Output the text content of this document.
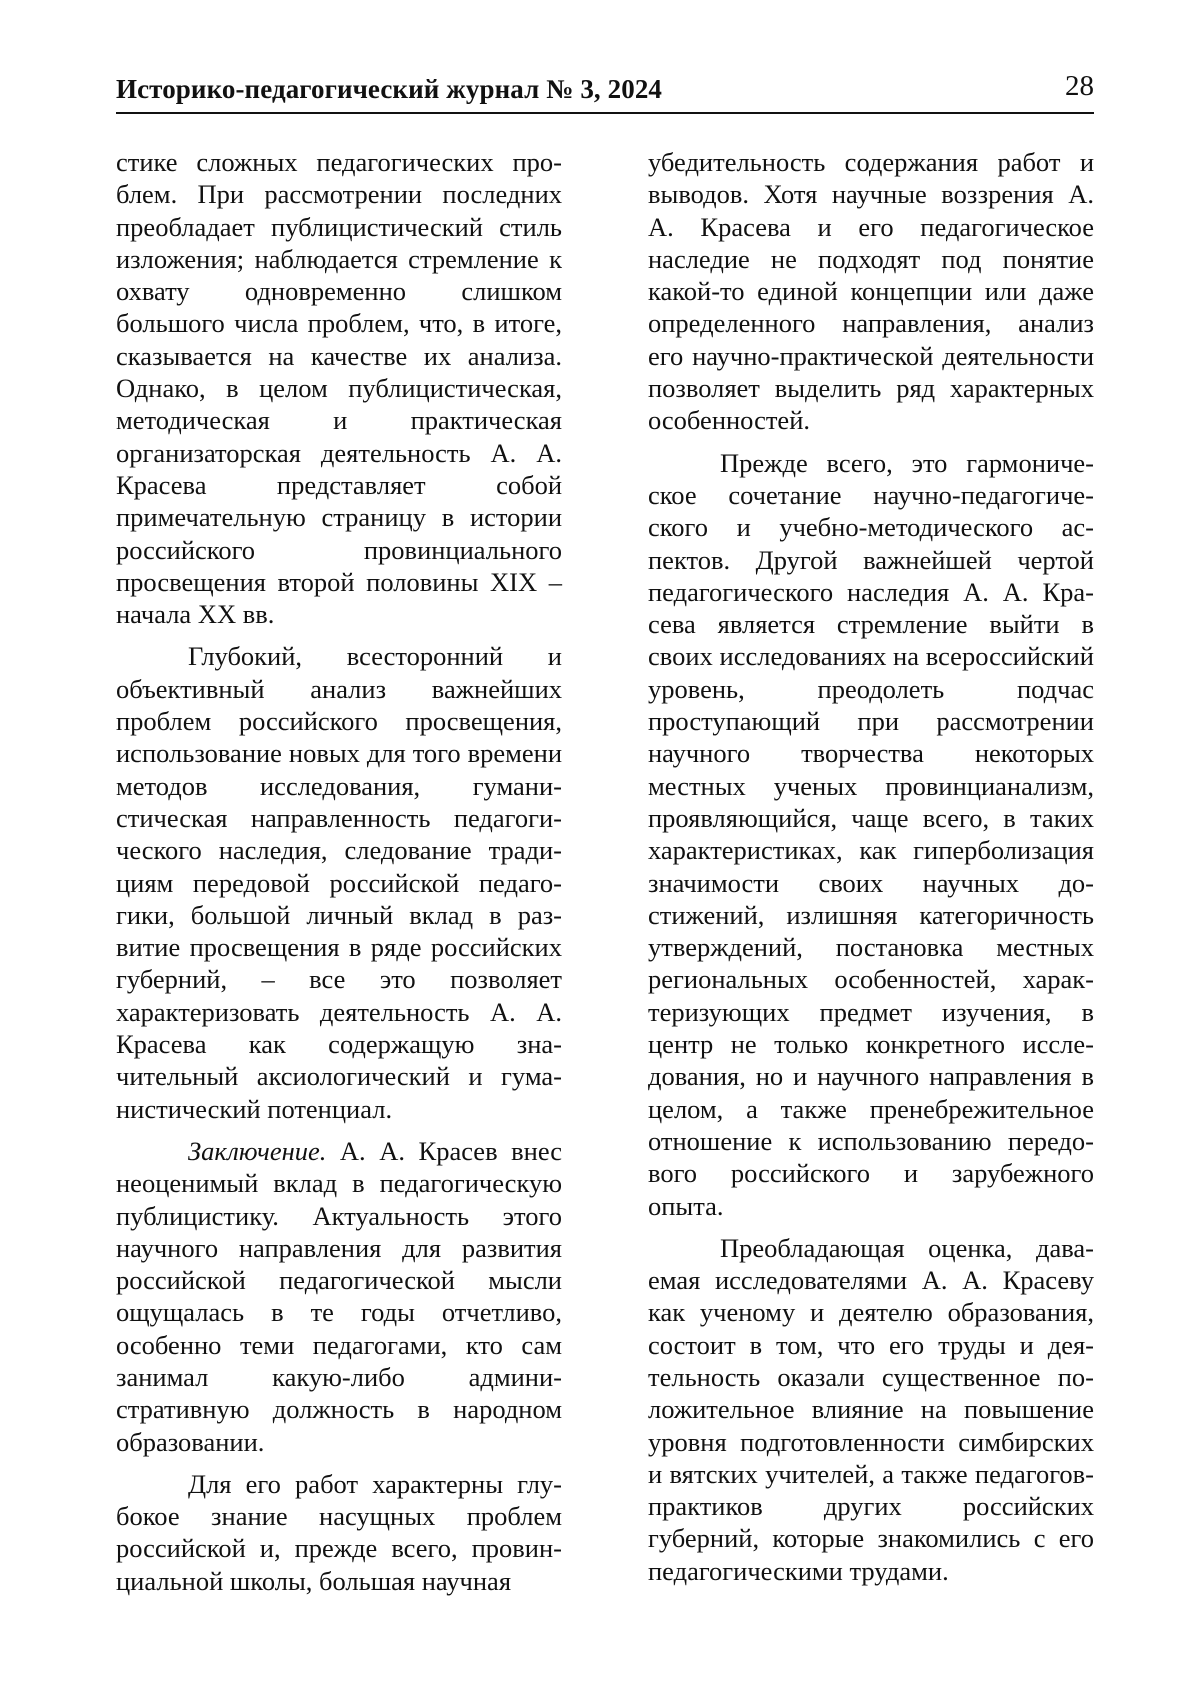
Историко-педагогический журнал № 3, 2024	28

стике сложных педагогических проблем. При рассмотрении последних преобладает публицистический стиль изложения; наблюдается стремление к охвату одновременно слишком большого числа проблем, что, в итоге, сказывается на качестве их анализа. Однако, в целом публицистическая, методическая и практическая организаторская деятельность А. А. Красева представляет собой примечательную страницу в истории российского провинциального просвещения второй половины XIX – начала XX вв.

Глубокий, всесторонний и объективный анализ важнейших проблем российского просвещения, использование новых для того времени методов исследования, гуманистическая направленность педагогического наследия, следование традициям передовой российской педагогики, большой личный вклад в развитие просвещения в ряде российских губерний, – все это позволяет характеризовать деятельность А. А. Красева как содержащую значительный аксиологический и гуманистический потенциал.

Заключение. А. А. Красев внес неоценимый вклад в педагогическую публицистику. Актуальность этого научного направления для развития российской педагогической мысли ощущалась в те годы отчетливо, особенно теми педагогами, кто сам занимал какую-либо административную должность в народном образовании.

Для его работ характерны глубокое знание насущных проблем российской и, прежде всего, провинциальной школы, большая научная

убедительность содержания работ и выводов. Хотя научные воззрения А. А. Красева и его педагогическое наследие не подходят под понятие какой-то единой концепции или даже определенного направления, анализ его научно-практической деятельности позволяет выделить ряд характерных особенностей.

Прежде всего, это гармоническое сочетание научно-педагогического и учебно-методического аспектов. Другой важнейшей чертой педагогического наследия А. А. Красева является стремление выйти в своих исследованиях на всероссийский уровень, преодолеть подчас проступающий при рассмотрении научного творчества некоторых местных ученых провинцианализм, проявляющийся, чаще всего, в таких характеристиках, как гиперболизация значимости своих научных достижений, излишняя категоричность утверждений, постановка местных региональных особенностей, характеризующих предмет изучения, в центр не только конкретного исследования, но и научного направления в целом, а также пренебрежительное отношение к использованию передового российского и зарубежного опыта.

Преобладающая оценка, даваемая исследователями А. А. Красеву как ученому и деятелю образования, состоит в том, что его труды и деятельность оказали существенное положительное влияние на повышение уровня подготовленности симбирских и вятских учителей, а также педагогов-практиков других российских губерний, которые знакомились с его педагогическими трудами.
